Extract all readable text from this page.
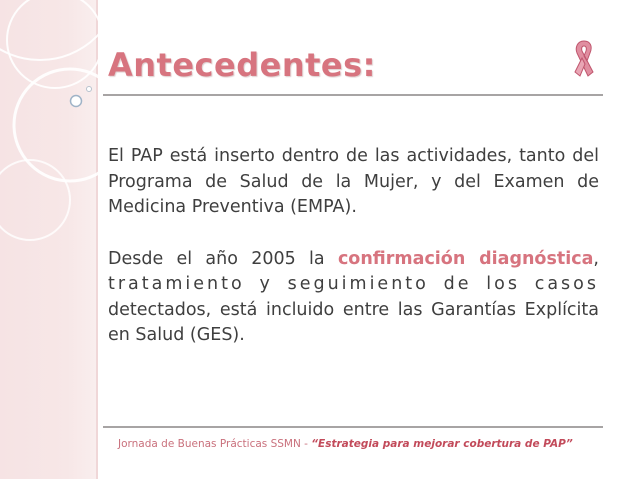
Antecedentes:

El PAP está inserto dentro de las actividades, tanto del Programa de Salud de la Mujer, y del Examen de Medicina Preventiva (EMPA).

Desde el año 2005 la confirmación diagnóstica, tratamiento y seguimiento de los casos detectados, está incluido entre las Garantías Explícita en Salud (GES).

Jornada de Buenas Prácticas SSMN - “Estrategia para mejorar cobertura de PAP”
